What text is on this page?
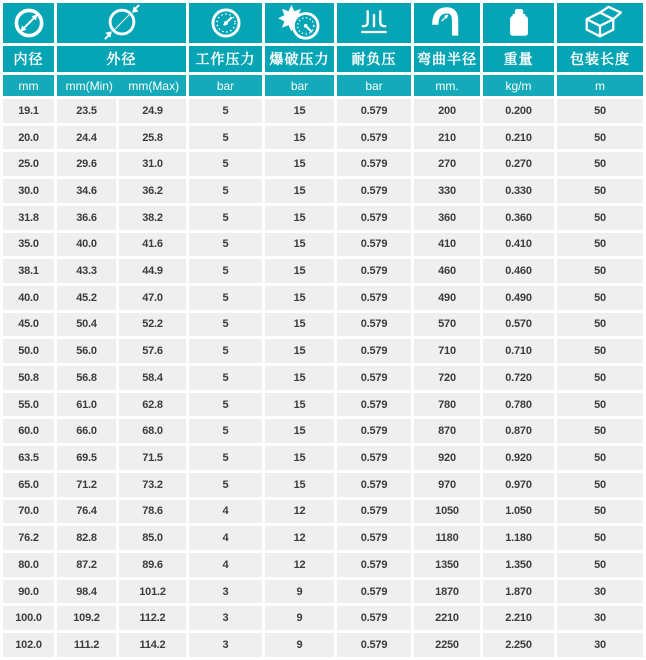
内径	外径		工作压力	爆破压力	耐负压	弯曲半径	重量	包装长度
mm	mm(Min) mm(Max)		bar	bar	bar	mm.	kg/m	m
19.1	23.5	24.9	5	15	0.579	200	0.200	50
20.0	24.4	25.8	5	15	0.579	210	0.210	50
25.0	29.6	31.0	5	15	0.579	270	0.270	50
30.0	34.6	36.2	5	15	0.579	330	0.330	50
31.8	36.6	38.2	5	15	0.579	360	0.360	50
35.0	40.0	41.6	5	15	0.579	410	0.410	50
38.1	43.3	44.9	5	15	0.579	460	0.460	50
40.0	45.2	47.0	5	15	0.579	490	0.490	50
45.0	50.4	52.2	5	15	0.579	570	0.570	50
50.0	56.0	57.6	5	15	0.579	710	0.710	50
50.8	56.8	58.4	5	15	0.579	720	0.720	50
55.0	61.0	62.8	5	15	0.579	780	0.780	50
60.0	66.0	68.0	5	15	0.579	870	0.870	50
63.5	69.5	71.5	5	15	0.579	920	0.920	50
65.0	71.2	73.2	5	15	0.579	970	0.970	50
70.0	76.4	78.6	4	12	0.579	1050	1.050	50
76.2	82.8	85.0	4	12	0.579	1180	1.180	50
80.0	87.2	89.6	4	12	0.579	1350	1.350	50
90.0	98.4	101.2	3	9	0.579	1870	1.870	30
100.0	109.2	112.2	3	9	0.579	2210	2.210	30
102.0	111.2	114.2	3	9	0.579	2250	2.250	30
